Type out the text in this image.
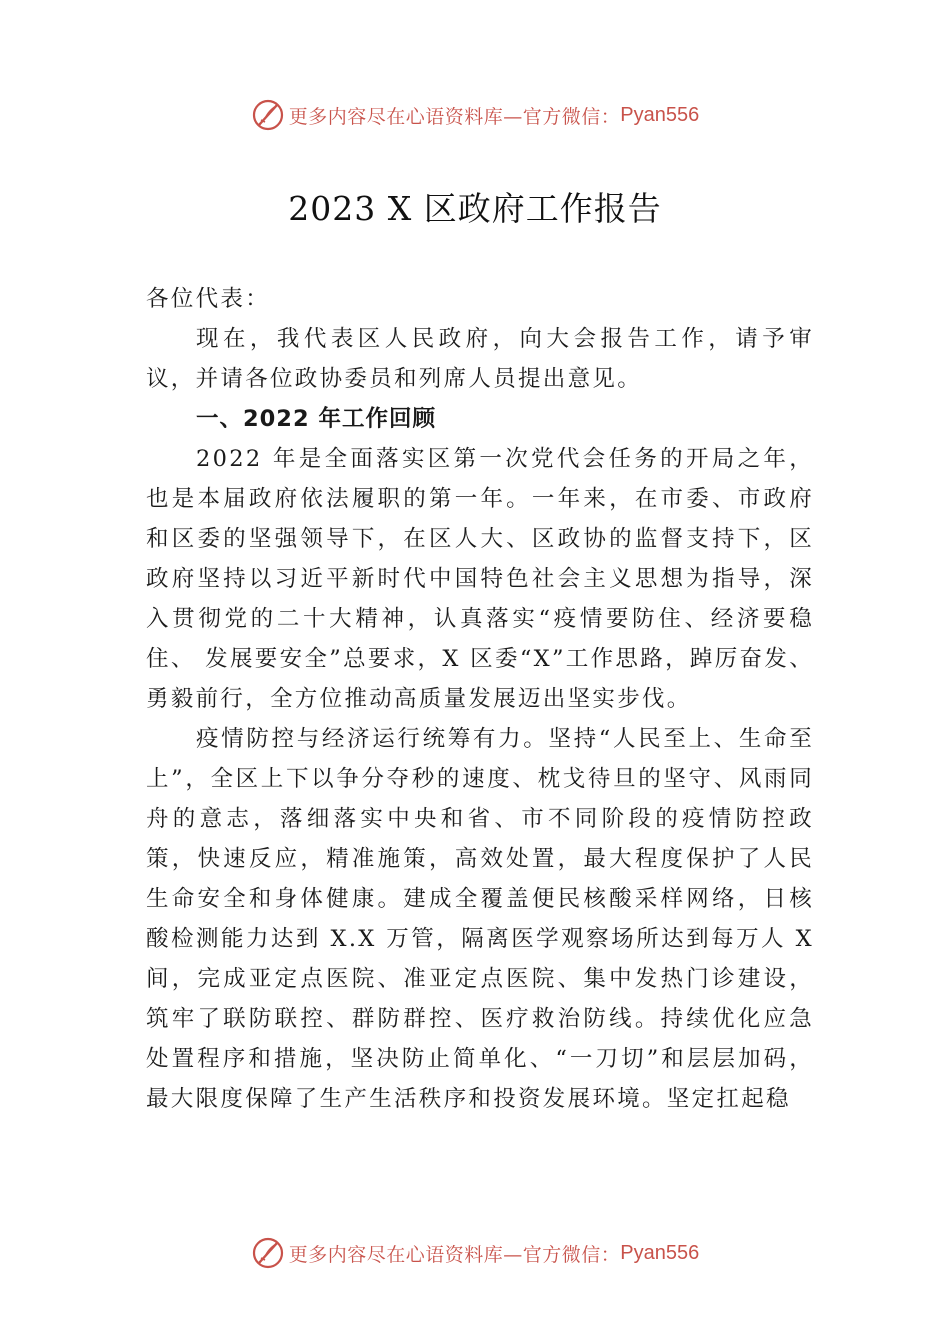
更多内容尽在心语资料库—官方微信： Pyan556
2023 X 区政府工作报告

各位代表：

现在，我代表区人民政府，向大会报告工作，请予审议，并请各位政协委员和列席人员提出意见。

一、2022 年工作回顾

2022 年是全面落实区第一次党代会任务的开局之年，也是本届政府依法履职的第一年。一年来，在市委、市政府和区委的坚强领导下，在区人大、区政协的监督支持下，区政府坚持以习近平新时代中国特色社会主义思想为指导，深入贯彻党的二十大精神，认真落实“疫情要防住、经济要稳住、 发展要安全”总要求，X 区委“X”工作思路，踔厉奋发、勇毅前行，全方位推动高质量发展迈出坚实步伐。

疫情防控与经济运行统筹有力。坚持“人民至上、生命至上”，全区上下以争分夺秒的速度、枕戈待旦的坚守、风雨同舟的意志，落细落实中央和省、市不同阶段的疫情防控政策，快速反应，精准施策，高效处置，最大程度保护了人民生命安全和身体健康。建成全覆盖便民核酸采样网络，日核酸检测能力达到 X.X 万管，隔离医学观察场所达到每万人 X 间，完成亚定点医院、准亚定点医院、集中发热门诊建设， 筑牢了联防联控、群防群控、医疗救治防线。持续优化应急处置程序和措施，坚决防止简单化、“一刀切”和层层加码， 最大限度保障了生产生活秩序和投资发展环境。坚定扛起稳

更多内容尽在心语资料库—官方微信： Pyan556
